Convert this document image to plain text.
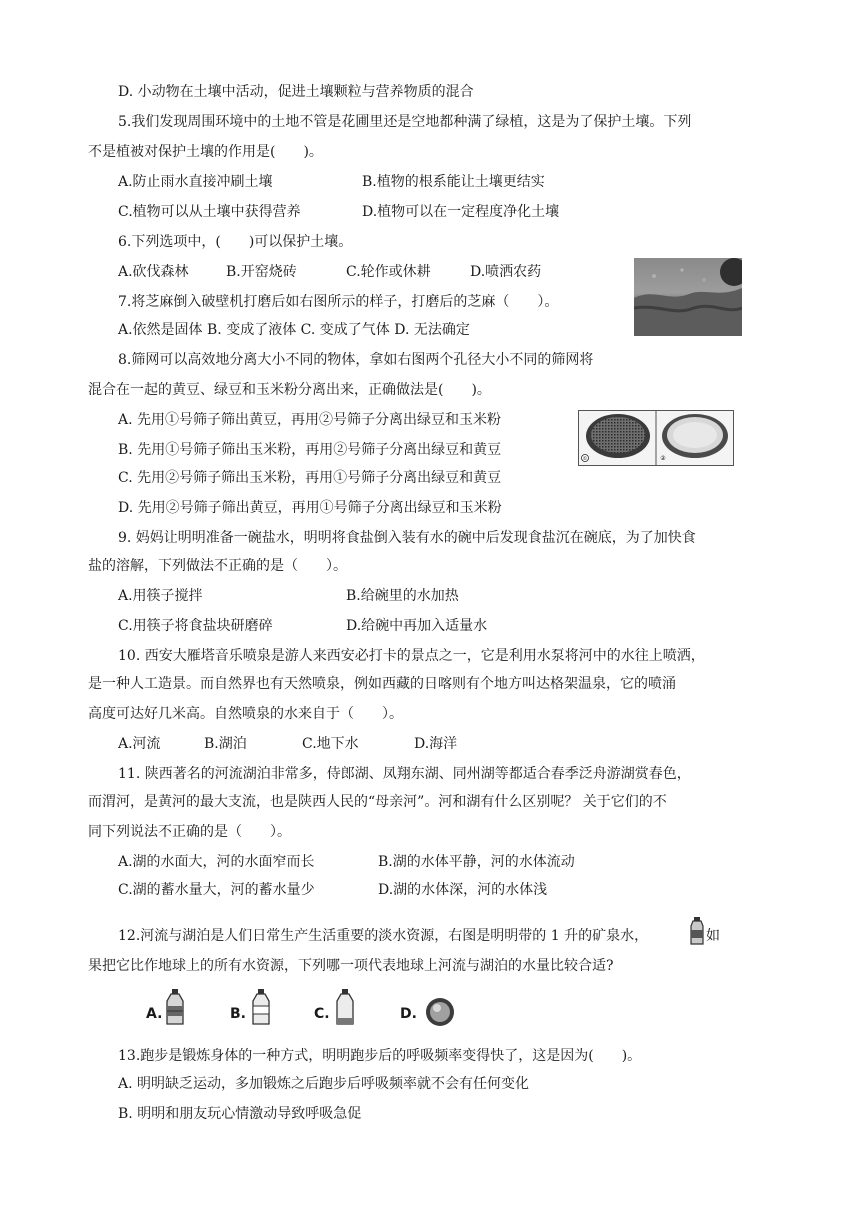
D. 小动物在土壤中活动，促进土壤颗粒与营养物质的混合
5.我们发现周围环境中的土地不管是花圃里还是空地都种满了绿植，这是为了保护土壤。下列
不是植被对保护土壤的作用是(　　)。
A.防止雨水直接冲刷土壤	B.植物的根系能让土壤更结实
C.植物可以从土壤中获得营养	D.植物可以在一定程度净化土壤
6.下列选项中，(　　)可以保护土壤。
A.砍伐森林	B.开窑烧砖	C.轮作或休耕	D.喷洒农药
7.将芝麻倒入破壁机打磨后如右图所示的样子，打磨后的芝麻（　　）。
A.依然是固体 B. 变成了液体 C. 变成了气体 D. 无法确定
8.筛网可以高效地分离大小不同的物体，拿如右图两个孔径大小不同的筛网将
混合在一起的黄豆、绿豆和玉米粉分离出来，正确做法是(　　)。
A. 先用①号筛子筛出黄豆，再用②号筛子分离出绿豆和玉米粉
B. 先用①号筛子筛出玉米粉，再用②号筛子分离出绿豆和黄豆
C. 先用②号筛子筛出玉米粉，再用①号筛子分离出绿豆和黄豆
D. 先用②号筛子筛出黄豆，再用①号筛子分离出绿豆和玉米粉
①	②
9. 妈妈让明明准备一碗盐水，明明将食盐倒入装有水的碗中后发现食盐沉在碗底，为了加快食
盐的溶解，下列做法不正确的是（　　）。
A.用筷子搅拌	B.给碗里的水加热
C.用筷子将食盐块研磨碎	D.给碗中再加入适量水
10. 西安大雁塔音乐喷泉是游人来西安必打卡的景点之一，它是利用水泵将河中的水往上喷洒，
是一种人工造景。而自然界也有天然喷泉，例如西藏的日喀则有个地方叫达格架温泉，它的喷涌
高度可达好几米高。自然喷泉的水来自于（　　）。
A.河流	B.湖泊	C.地下水	D.海洋
11. 陕西著名的河流湖泊非常多，侍郎湖、凤翔东湖、同州湖等都适合春季泛舟游湖赏春色，
而渭河，是黄河的最大支流，也是陕西人民的“母亲河”。河和湖有什么区别呢？ 关于它们的不
同下列说法不正确的是（　　）。
A.湖的水面大，河的水面窄而长	B.湖的水体平静，河的水体流动
C.湖的蓄水量大，河的蓄水量少	D.湖的水体深，河的水体浅
12.河流与湖泊是人们日常生产生活重要的淡水资源，右图是明明带的 1 升的矿泉水，	如
果把它比作地球上的所有水资源，下列哪一项代表地球上河流与湖泊的水量比较合适?
A.	B.	C.	D.
13.跑步是锻炼身体的一种方式，明明跑步后的呼吸频率变得快了，这是因为(　　)。
A. 明明缺乏运动，多加锻炼之后跑步后呼吸频率就不会有任何变化
B. 明明和朋友玩心情激动导致呼吸急促
